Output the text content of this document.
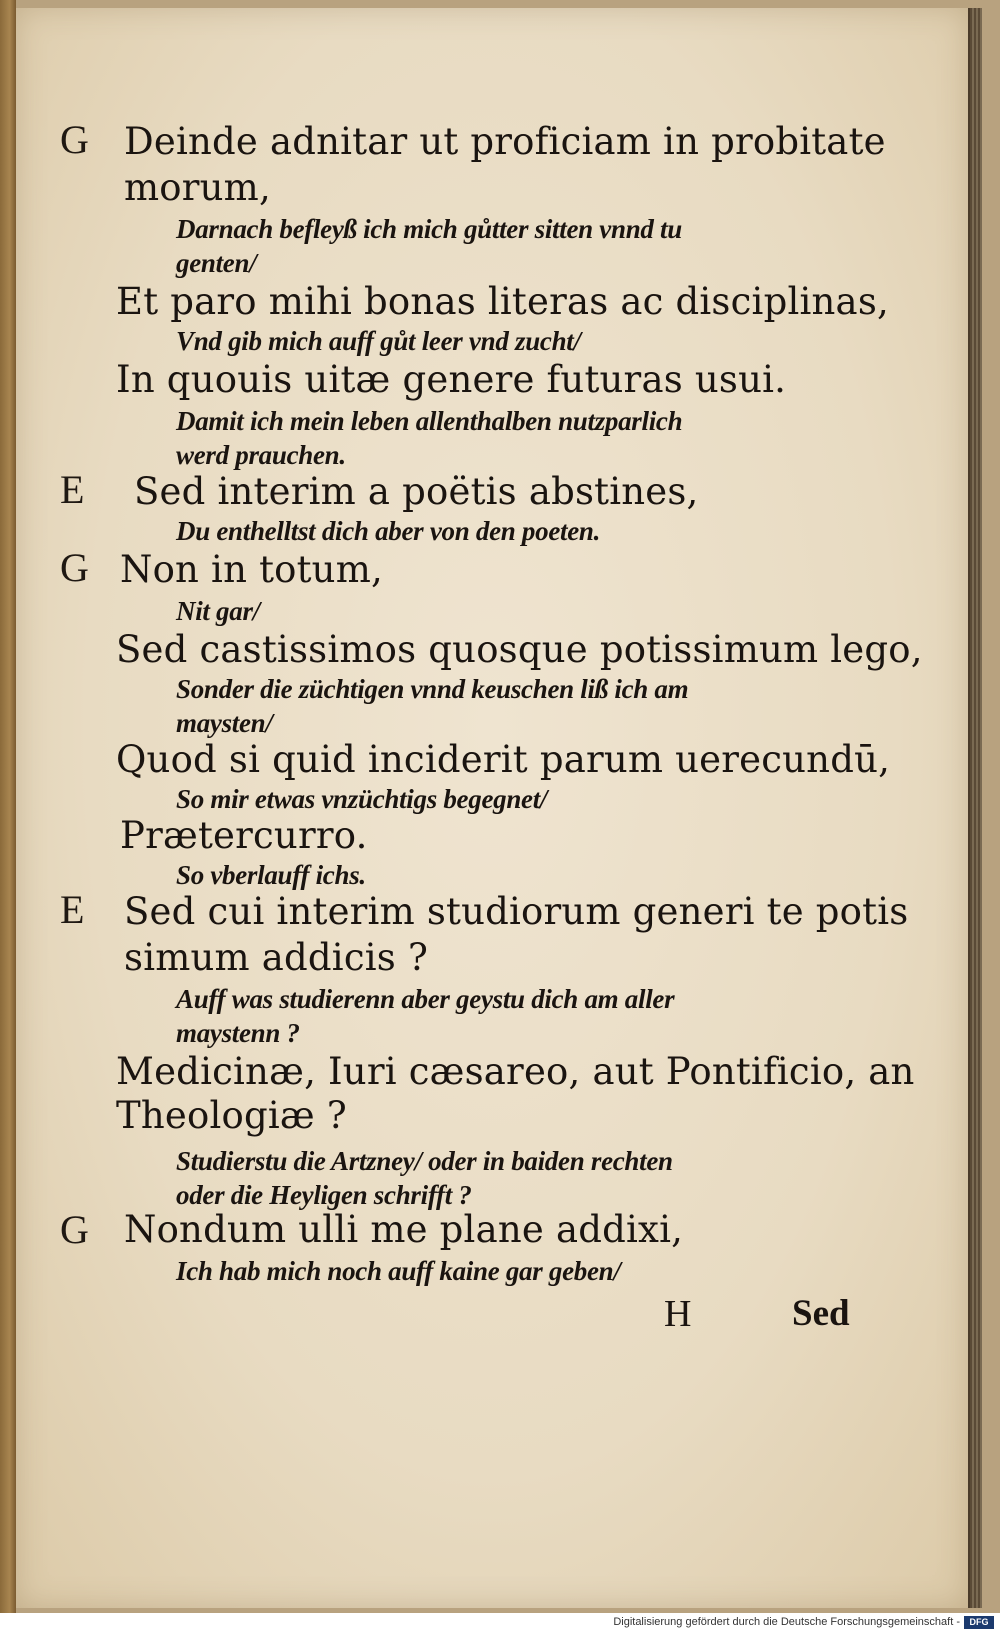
G Deinde adnitar ut proficiam in probitate
morum,
Darnach befleyß ich mich gůtter sitten vnnd tu
genten/
Et paro mihi bonas literas ac disciplinas,
Vnd gib mich auff gůt leer vnd zucht/
In quouis uitæ genere futuras usui.
Damit ich mein leben allenthalben nutzparlich
werd prauchen.
E Sed interim a poëtis abstines,
Du enthelltst dich aber von den poeten.
G Non in totum,
Nit gar/
Sed castissimos quosque potissimum lego,
Sonder die züchtigen vnnd keuschen liß ich am
maysten/
Quod si quid inciderit parum uerecundū,
So mir etwas vnzüchtigs begegnet/
Prætercurro.
So vberlauff ichs.
E Sed cui interim studiorum generi te potis
simum addicis ?
Auff was studierenn aber geystu dich am aller
maystenn ?
Medicinæ, Iuri cæsareo, aut Pontificio, an
Theologiæ ?
Studierstu die Artzney/ oder in baiden rechten
oder die Heyligen schrifft ?
G Nondum ulli me plane addixi,
Ich hab mich noch auff kaine gar geben/
H	Sed
Digitalisierung gefördert durch die Deutsche Forschungsgemeinschaft -	DFG
